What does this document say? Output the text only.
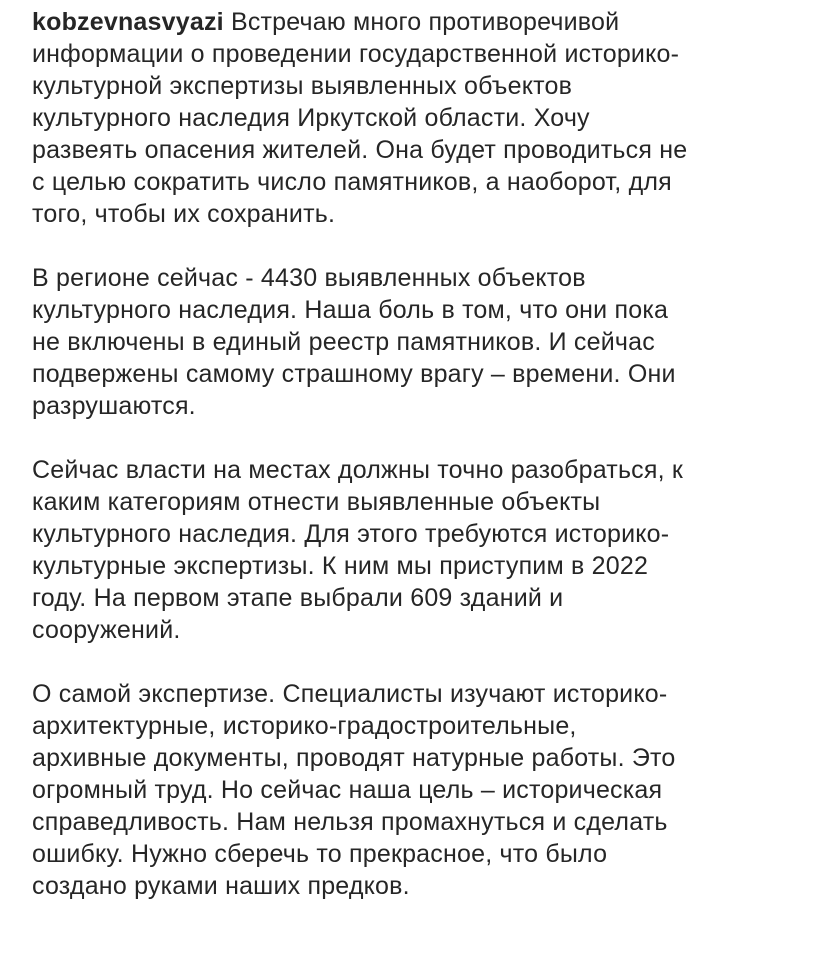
kobzevnasvyazi Встречаю много противоречивой
информации о проведении государственной историко-
культурной экспертизы выявленных объектов
культурного наследия Иркутской области. Хочу
развеять опасения жителей. Она будет проводиться не
с целью сократить число памятников, а наоборот, для
того, чтобы их сохранить.

В регионе сейчас - 4430 выявленных объектов
культурного наследия. Наша боль в том, что они пока
не включены в единый реестр памятников. И сейчас
подвержены самому страшному врагу – времени. Они
разрушаются.

Сейчас власти на местах должны точно разобраться, к
каким категориям отнести выявленные объекты
культурного наследия. Для этого требуются историко-
культурные экспертизы. К ним мы приступим в 2022
году. На первом этапе выбрали 609 зданий и
сооружений.

О самой экспертизе. Специалисты изучают историко-
архитектурные, историко-градостроительные,
архивные документы, проводят натурные работы. Это
огромный труд. Но сейчас наша цель – историческая
справедливость. Нам нельзя промахнуться и сделать
ошибку. Нужно сберечь то прекрасное, что было
создано руками наших предков.
